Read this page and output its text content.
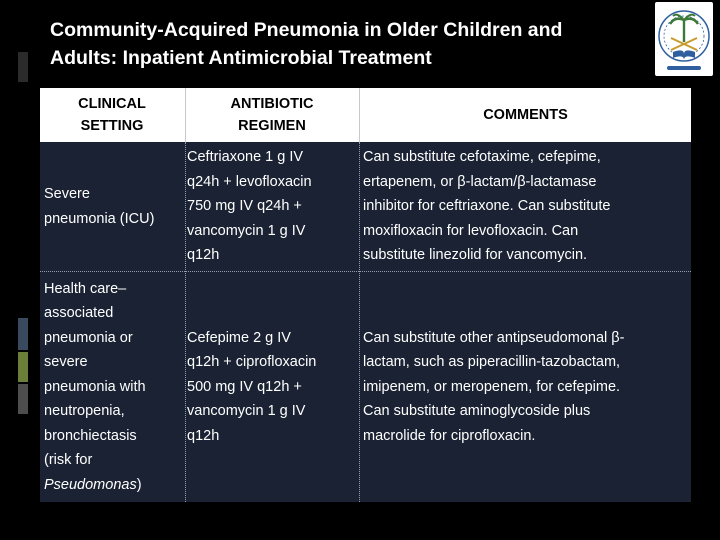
Community-Acquired Pneumonia in Older Children and
Adults: Inpatient Antimicrobial Treatment
CLINICAL
SETTING
ANTIBIOTIC
REGIMEN
COMMENTS
Severe
pneumonia (ICU)
Ceftriaxone 1 g IV
q24h + levofloxacin
750 mg IV q24h +
vancomycin 1 g IV
q12h
Can substitute cefotaxime, cefepime,
ertapenem, or β-lactam/β-lactamase
inhibitor for ceftriaxone. Can substitute
moxifloxacin for levofloxacin. Can
substitute linezolid for vancomycin.
Health care–
associated
pneumonia or
severe
pneumonia with
neutropenia,
bronchiectasis
(risk for
Pseudomonas)
Cefepime 2 g IV
q12h + ciprofloxacin
500 mg IV q12h +
vancomycin 1 g IV
q12h
Can substitute other antipseudomonal β-
lactam, such as piperacillin-tazobactam,
imipenem, or meropenem, for cefepime.
Can substitute aminoglycoside plus
macrolide for ciprofloxacin.
